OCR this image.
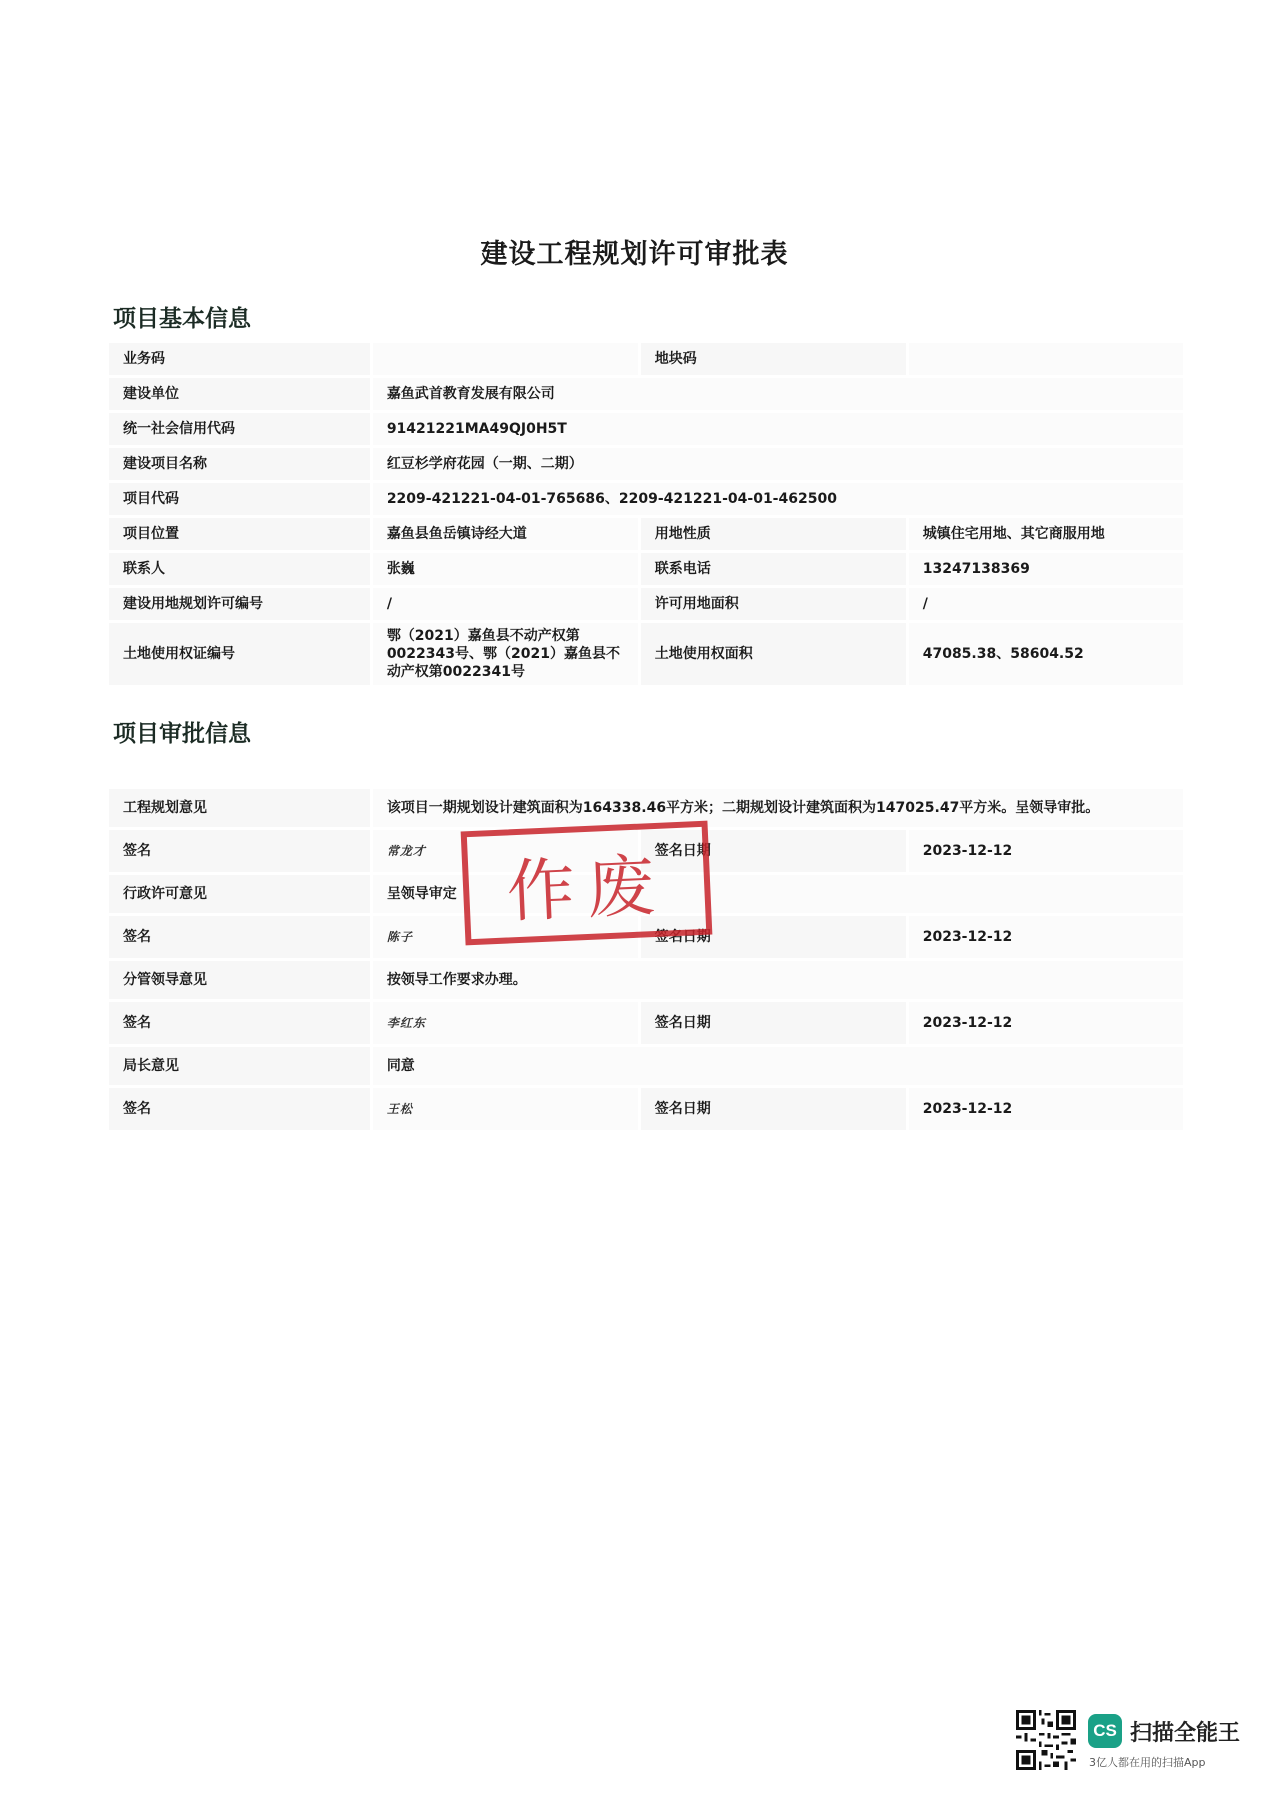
建设工程规划许可审批表
项目基本信息
业务码		地块码	
建设单位	嘉鱼武首教育发展有限公司		
统一社会信用代码	91421221MA49QJ0H5T		
建设项目名称	红豆杉学府花园（一期、二期）		
项目代码	2209-421221-04-01-765686、2209-421221-04-01-462500		
项目位置	嘉鱼县鱼岳镇诗经大道	用地性质	城镇住宅用地、其它商服用地
联系人	张巍	联系电话	13247138369
建设用地规划许可编号	/	许可用地面积	/
土地使用权证编号	鄂（2021）嘉鱼县不动产权第0022343号、鄂（2021）嘉鱼县不动产权第0022341号	土地使用权面积	47085.38、58604.52
项目审批信息
工程规划意见	该项目一期规划设计建筑面积为164338.46平方米；二期规划设计建筑面积为147025.47平方米。呈领导审批。		
签名	常龙才	签名日期	2023-12-12
行政许可意见	呈领导审定		
签名	陈子	签名日期	2023-12-12
分管领导意见	按领导工作要求办理。		
签名	李红东	签名日期	2023-12-12
局长意见	同意		
签名	王松	签名日期	2023-12-12
作废
CS 扫描全能王
3亿人都在用的扫描App
